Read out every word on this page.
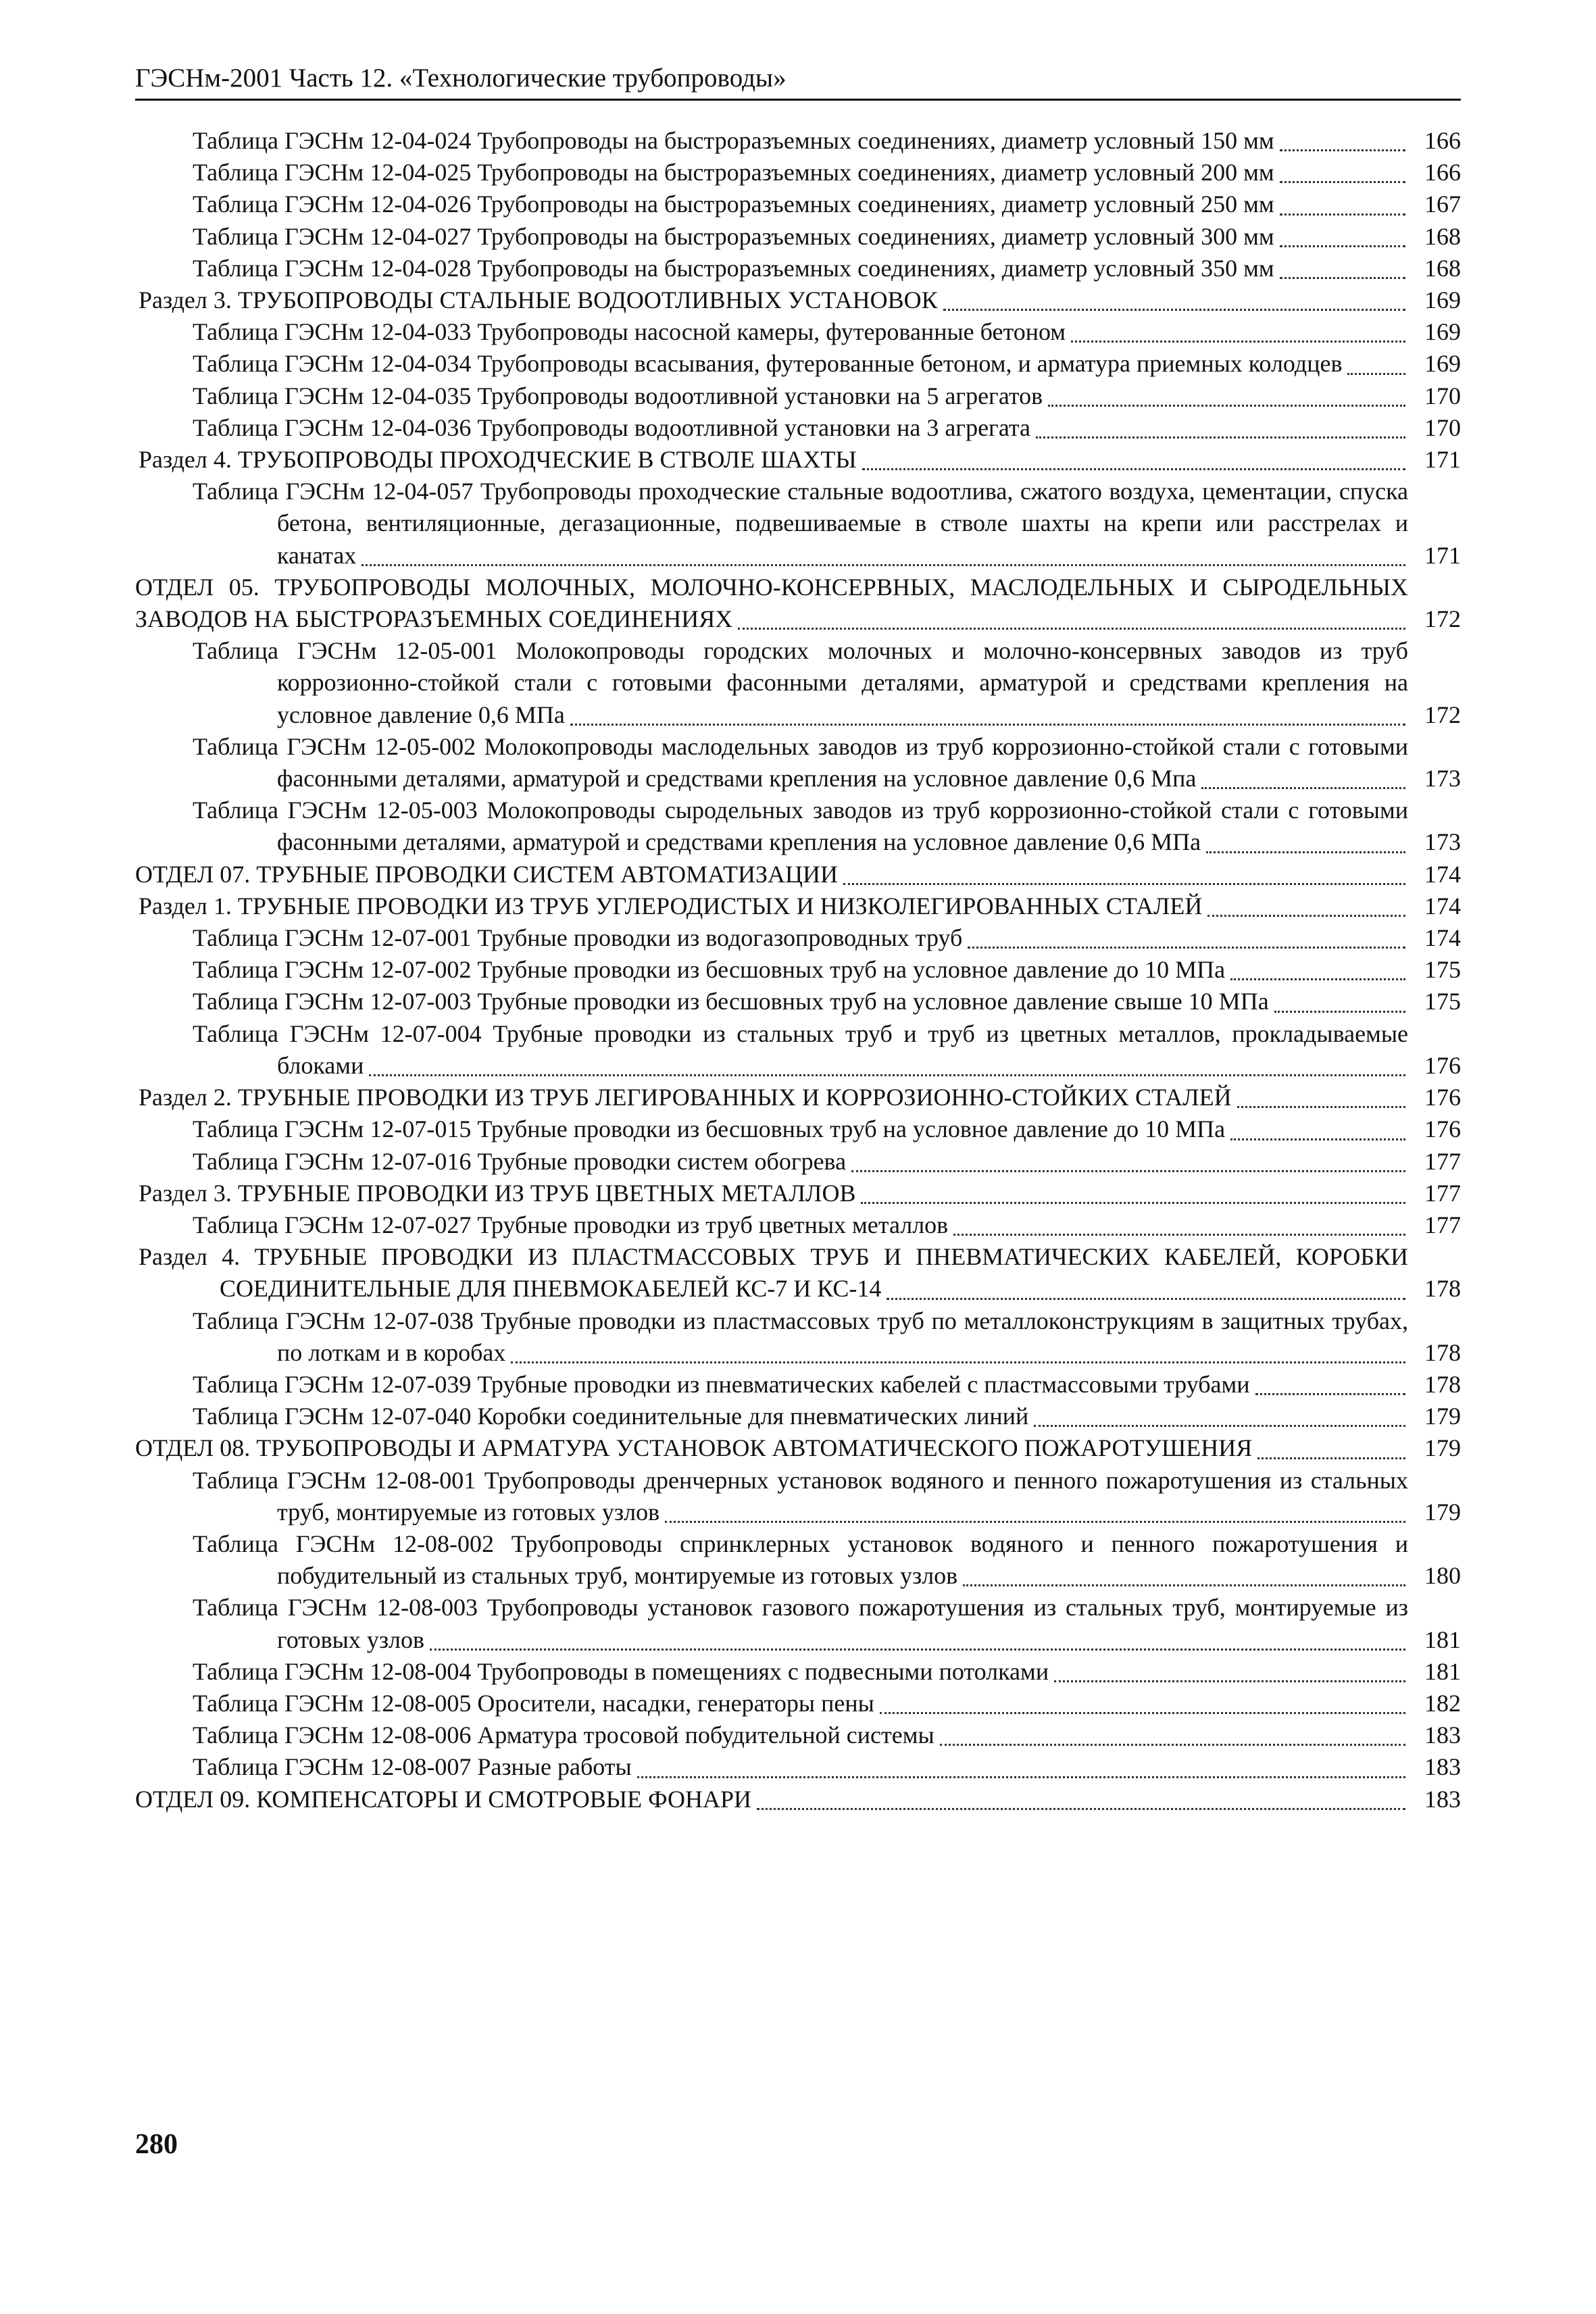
ГЭСНм-2001 Часть 12. «Технологические трубопроводы»
Таблица ГЭСНм 12-04-024 Трубопроводы на быстроразъемных соединениях, диаметр условный 150 мм	166
Таблица ГЭСНм 12-04-025 Трубопроводы на быстроразъемных соединениях, диаметр условный 200 мм	166
Таблица ГЭСНм 12-04-026 Трубопроводы на быстроразъемных соединениях, диаметр условный 250 мм	167
Таблица ГЭСНм 12-04-027 Трубопроводы на быстроразъемных соединениях, диаметр условный 300 мм	168
Таблица ГЭСНм 12-04-028 Трубопроводы на быстроразъемных соединениях, диаметр условный 350 мм	168
Раздел 3. ТРУБОПРОВОДЫ СТАЛЬНЫЕ ВОДООТЛИВНЫХ УСТАНОВОК	169
Таблица ГЭСНм 12-04-033 Трубопроводы насосной камеры, футерованные бетоном	169
Таблица ГЭСНм 12-04-034 Трубопроводы всасывания, футерованные бетоном, и арматура приемных колодцев	169
Таблица ГЭСНм 12-04-035 Трубопроводы водоотливной установки на 5 агрегатов	170
Таблица ГЭСНм 12-04-036 Трубопроводы водоотливной установки на 3 агрегата	170
Раздел 4. ТРУБОПРОВОДЫ ПРОХОДЧЕСКИЕ В СТВОЛЕ ШАХТЫ	171
Таблица ГЭСНм 12-04-057 Трубопроводы проходческие стальные водоотлива, сжатого воздуха, цементации, спуска бетона, вентиляционные, дегазационные, подвешиваемые в стволе шахты на крепи или расстрелах и канатах	171
ОТДЕЛ 05. ТРУБОПРОВОДЫ МОЛОЧНЫХ, МОЛОЧНО-КОНСЕРВНЫХ, МАСЛОДЕЛЬНЫХ И СЫРОДЕЛЬНЫХ ЗАВОДОВ НА БЫСТРОРАЗЪЕМНЫХ СОЕДИНЕНИЯХ	172
Таблица ГЭСНм 12-05-001 Молокопроводы городских молочных и молочно-консервных заводов из труб коррозионно-стойкой стали с готовыми фасонными деталями, арматурой и средствами крепления на условное давление 0,6 МПа	172
Таблица ГЭСНм 12-05-002 Молокопроводы маслодельных заводов из труб коррозионно-стойкой стали с готовыми фасонными деталями, арматурой и средствами крепления на условное давление 0,6 Мпа	173
Таблица ГЭСНм 12-05-003 Молокопроводы сыродельных заводов из труб коррозионно-стойкой стали с готовыми фасонными деталями, арматурой и средствами крепления на условное давление 0,6 МПа	173
ОТДЕЛ 07. ТРУБНЫЕ ПРОВОДКИ СИСТЕМ АВТОМАТИЗАЦИИ	174
Раздел 1. ТРУБНЫЕ ПРОВОДКИ ИЗ ТРУБ УГЛЕРОДИСТЫХ И НИЗКОЛЕГИРОВАННЫХ СТАЛЕЙ	174
Таблица ГЭСНм 12-07-001 Трубные проводки из водогазопроводных труб	174
Таблица ГЭСНм 12-07-002 Трубные проводки из бесшовных труб на условное давление до 10 МПа	175
Таблица ГЭСНм 12-07-003 Трубные проводки из бесшовных труб на условное давление свыше 10 МПа	175
Таблица ГЭСНм 12-07-004 Трубные проводки из стальных труб и труб из цветных металлов, прокладываемые блоками	176
Раздел 2. ТРУБНЫЕ ПРОВОДКИ ИЗ ТРУБ ЛЕГИРОВАННЫХ И КОРРОЗИОННО-СТОЙКИХ СТАЛЕЙ	176
Таблица ГЭСНм 12-07-015 Трубные проводки из бесшовных труб на условное давление до 10 МПа	176
Таблица ГЭСНм 12-07-016 Трубные проводки систем обогрева	177
Раздел 3. ТРУБНЫЕ ПРОВОДКИ ИЗ ТРУБ ЦВЕТНЫХ МЕТАЛЛОВ	177
Таблица ГЭСНм 12-07-027 Трубные проводки из труб цветных металлов	177
Раздел 4. ТРУБНЫЕ ПРОВОДКИ ИЗ ПЛАСТМАССОВЫХ ТРУБ И ПНЕВМАТИЧЕСКИХ КАБЕЛЕЙ, КОРОБКИ СОЕДИНИТЕЛЬНЫЕ ДЛЯ ПНЕВМОКАБЕЛЕЙ КС-7 И КС-14	178
Таблица ГЭСНм 12-07-038 Трубные проводки из пластмассовых труб по металлоконструкциям в защитных трубах, по лоткам и в коробах	178
Таблица ГЭСНм 12-07-039 Трубные проводки из пневматических кабелей с пластмассовыми трубами	178
Таблица ГЭСНм 12-07-040 Коробки соединительные для пневматических линий	179
ОТДЕЛ 08. ТРУБОПРОВОДЫ И АРМАТУРА УСТАНОВОК АВТОМАТИЧЕСКОГО ПОЖАРОТУШЕНИЯ	179
Таблица ГЭСНм 12-08-001 Трубопроводы дренчерных установок водяного и пенного пожаротушения из стальных труб, монтируемые из готовых узлов	179
Таблица ГЭСНм 12-08-002 Трубопроводы спринклерных установок водяного и пенного пожаротушения и побудительный из стальных труб, монтируемые из готовых узлов	180
Таблица ГЭСНм 12-08-003 Трубопроводы установок газового пожаротушения из стальных труб, монтируемые из готовых узлов	181
Таблица ГЭСНм 12-08-004 Трубопроводы в помещениях с подвесными потолками	181
Таблица ГЭСНм 12-08-005 Оросители, насадки, генераторы пены	182
Таблица ГЭСНм 12-08-006 Арматура тросовой побудительной системы	183
Таблица ГЭСНм 12-08-007 Разные работы	183
ОТДЕЛ 09. КОМПЕНСАТОРЫ И СМОТРОВЫЕ ФОНАРИ	183
280
